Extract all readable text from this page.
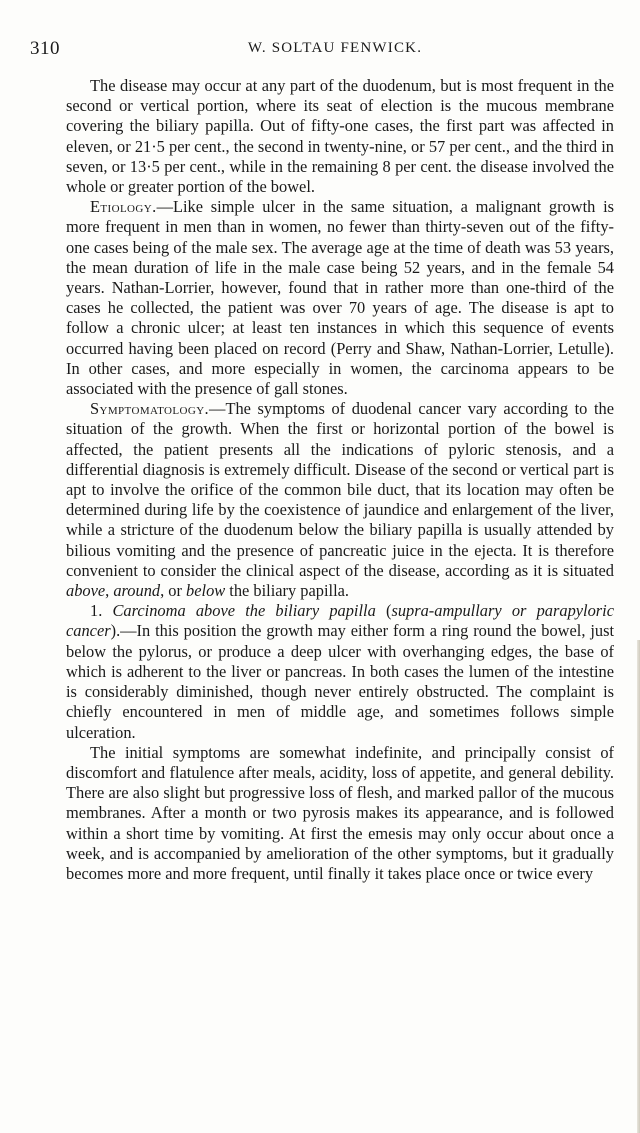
310	W. SOLTAU FENWICK.

The disease may occur at any part of the duodenum, but is most frequent in the second or vertical portion, where its seat of election is the mucous membrane covering the biliary papilla. Out of fifty-one cases, the first part was affected in eleven, or 21·5 per cent., the second in twenty-nine, or 57 per cent., and the third in seven, or 13·5 per cent., while in the remaining 8 per cent. the disease involved the whole or greater portion of the bowel.

Etiology.—Like simple ulcer in the same situation, a malignant growth is more frequent in men than in women, no fewer than thirty-seven out of the fifty-one cases being of the male sex. The average age at the time of death was 53 years, the mean duration of life in the male case being 52 years, and in the female 54 years. Nathan-Lorrier, however, found that in rather more than one-third of the cases he collected, the patient was over 70 years of age. The disease is apt to follow a chronic ulcer; at least ten instances in which this sequence of events occurred having been placed on record (Perry and Shaw, Nathan-Lorrier, Letulle). In other cases, and more especially in women, the carcinoma appears to be associated with the presence of gall stones.

Symptomatology.—The symptoms of duodenal cancer vary according to the situation of the growth. When the first or horizontal portion of the bowel is affected, the patient presents all the indications of pyloric stenosis, and a differential diagnosis is extremely difficult. Disease of the second or vertical part is apt to involve the orifice of the common bile duct, that its location may often be determined during life by the coexistence of jaundice and enlargement of the liver, while a stricture of the duodenum below the biliary papilla is usually attended by bilious vomiting and the presence of pancreatic juice in the ejecta. It is therefore convenient to consider the clinical aspect of the disease, according as it is situated above, around, or below the biliary papilla.

1. Carcinoma above the biliary papilla (supra-ampullary or parapyloric cancer).—In this position the growth may either form a ring round the bowel, just below the pylorus, or produce a deep ulcer with overhanging edges, the base of which is adherent to the liver or pancreas. In both cases the lumen of the intestine is considerably diminished, though never entirely obstructed. The complaint is chiefly encountered in men of middle age, and sometimes follows simple ulceration.

The initial symptoms are somewhat indefinite, and principally consist of discomfort and flatulence after meals, acidity, loss of appetite, and general debility. There are also slight but progressive loss of flesh, and marked pallor of the mucous membranes. After a month or two pyrosis makes its appearance, and is followed within a short time by vomiting. At first the emesis may only occur about once a week, and is accompanied by amelioration of the other symptoms, but it gradually becomes more and more frequent, until finally it takes place once or twice every
